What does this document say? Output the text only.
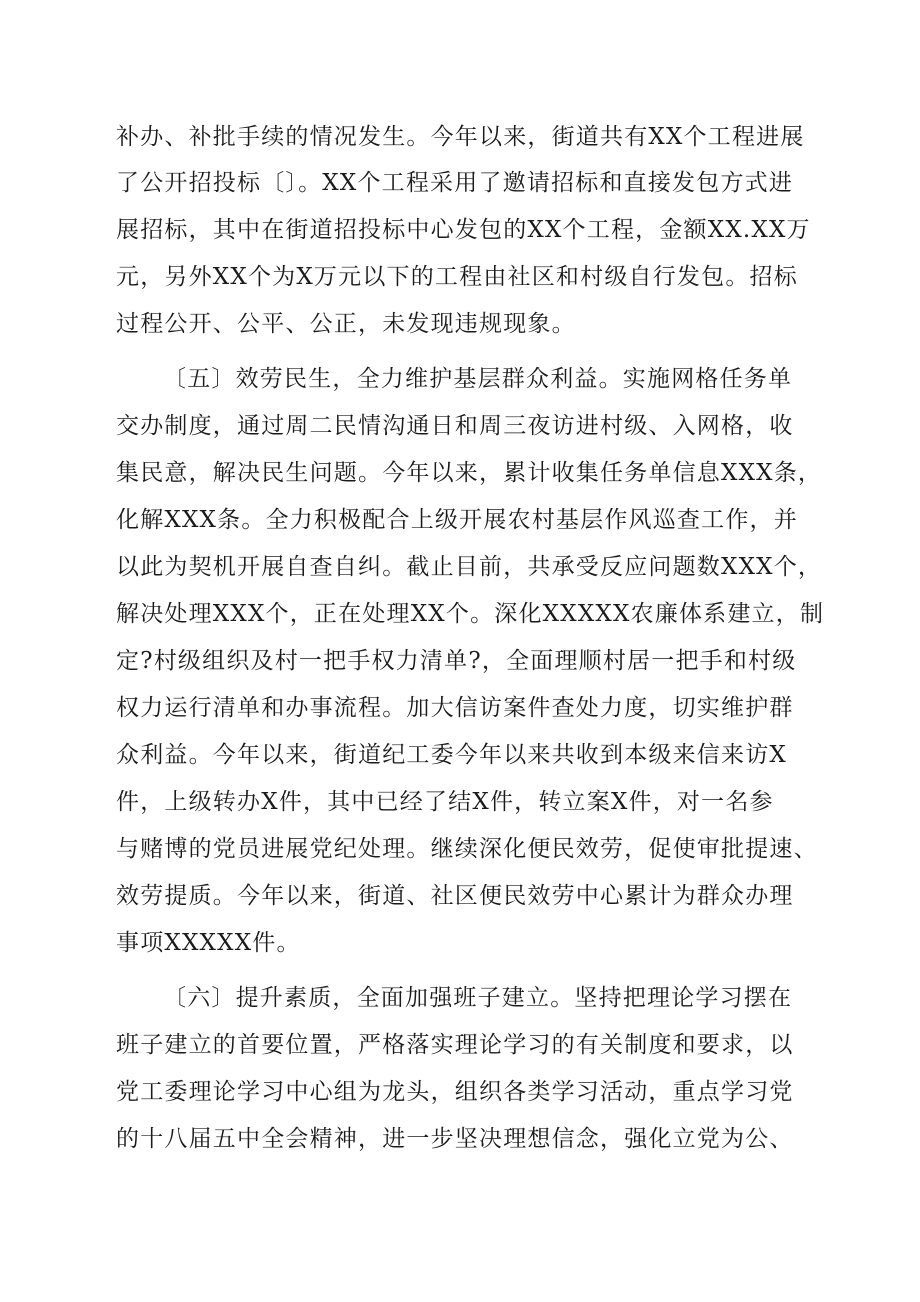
补办、补批手续的情况发生。今年以来，街道共有XX个工程进展
了公开招投标〔〕。XX个工程采用了邀请招标和直接发包方式进
展招标，其中在街道招投标中心发包的XX个工程，金额XX.XX万
元，另外XX个为X万元以下的工程由社区和村级自行发包。招标
过程公开、公平、公正，未发现违规现象。
〔五〕效劳民生，全力维护基层群众利益。实施网格任务单
交办制度，通过周二民情沟通日和周三夜访进村级、入网格，收
集民意，解决民生问题。今年以来，累计收集任务单信息XXX条，
化解XXX条。全力积极配合上级开展农村基层作风巡查工作，并
以此为契机开展自查自纠。截止目前，共承受反应问题数XXX个，
解决处理XXX个，正在处理XX个。深化XXXXX农廉体系建立，制
定?村级组织及村一把手权力清单?，全面理顺村居一把手和村级
权力运行清单和办事流程。加大信访案件查处力度，切实维护群
众利益。今年以来，街道纪工委今年以来共收到本级来信来访X
件，上级转办X件，其中已经了结X件，转立案X件，对一名参
与赌博的党员进展党纪处理。继续深化便民效劳，促使审批提速、
效劳提质。今年以来，街道、社区便民效劳中心累计为群众办理
事项XXXXX件。
〔六〕提升素质，全面加强班子建立。坚持把理论学习摆在
班子建立的首要位置，严格落实理论学习的有关制度和要求，以
党工委理论学习中心组为龙头，组织各类学习活动，重点学习党
的十八届五中全会精神，进一步坚决理想信念，强化立党为公、
